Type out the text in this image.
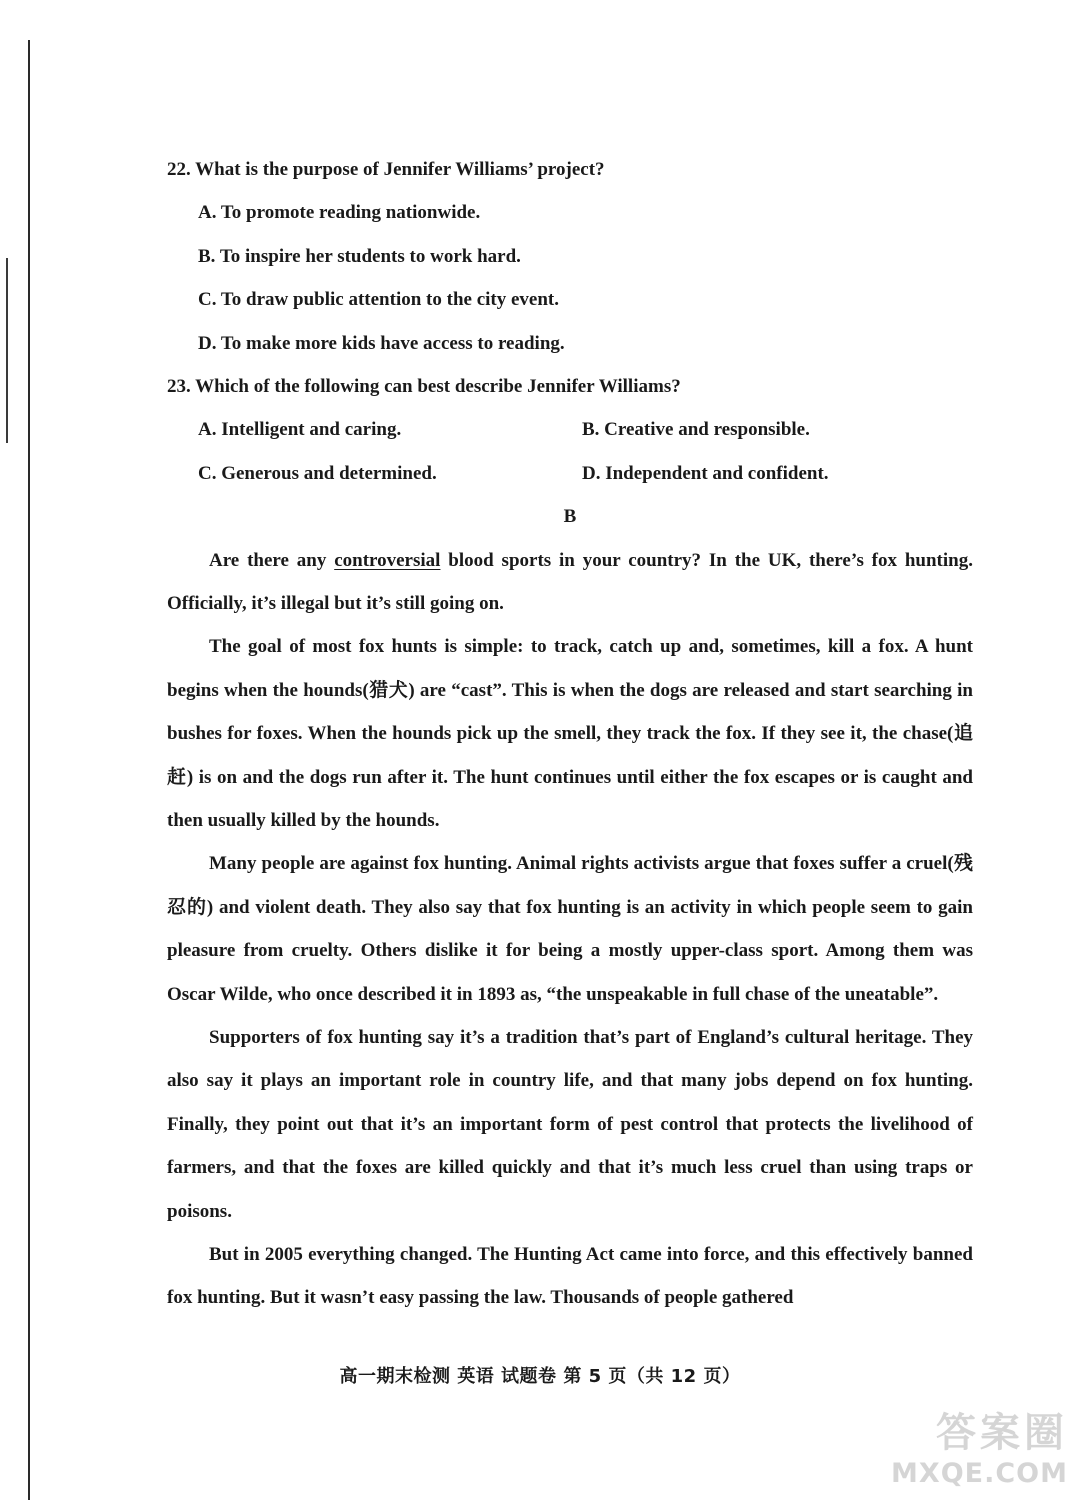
22. What is the purpose of Jennifer Williams’ project?
A. To promote reading nationwide.
B. To inspire her students to work hard.
C. To draw public attention to the city event.
D. To make more kids have access to reading.
23. Which of the following can best describe Jennifer Williams?
A. Intelligent and caring.	B. Creative and responsible.
C. Generous and determined.	D. Independent and confident.
B

Are there any controversial blood sports in your country? In the UK, there’s fox hunting. Officially, it’s illegal but it’s still going on.

The goal of most fox hunts is simple: to track, catch up and, sometimes, kill a fox. A hunt begins when the hounds(猎犬) are “cast”. This is when the dogs are released and start searching in bushes for foxes. When the hounds pick up the smell, they track the fox. If they see it, the chase(追赶) is on and the dogs run after it. The hunt continues until either the fox escapes or is caught and then usually killed by the hounds.

Many people are against fox hunting. Animal rights activists argue that foxes suffer a cruel(残忍的) and violent death. They also say that fox hunting is an activity in which people seem to gain pleasure from cruelty. Others dislike it for being a mostly upper-class sport. Among them was Oscar Wilde, who once described it in 1893 as, “the unspeakable in full chase of the uneatable”.

Supporters of fox hunting say it’s a tradition that’s part of England’s cultural heritage. They also say it plays an important role in country life, and that many jobs depend on fox hunting. Finally, they point out that it’s an important form of pest control that protects the livelihood of farmers, and that the foxes are killed quickly and that it’s much less cruel than using traps or poisons.

But in 2005 everything changed. The Hunting Act came into force, and this effectively banned fox hunting. But it wasn’t easy passing the law. Thousands of people gathered

高一期末检测 英语 试题卷 第 5 页（共 12 页）
答案圈
MXQE.COM
